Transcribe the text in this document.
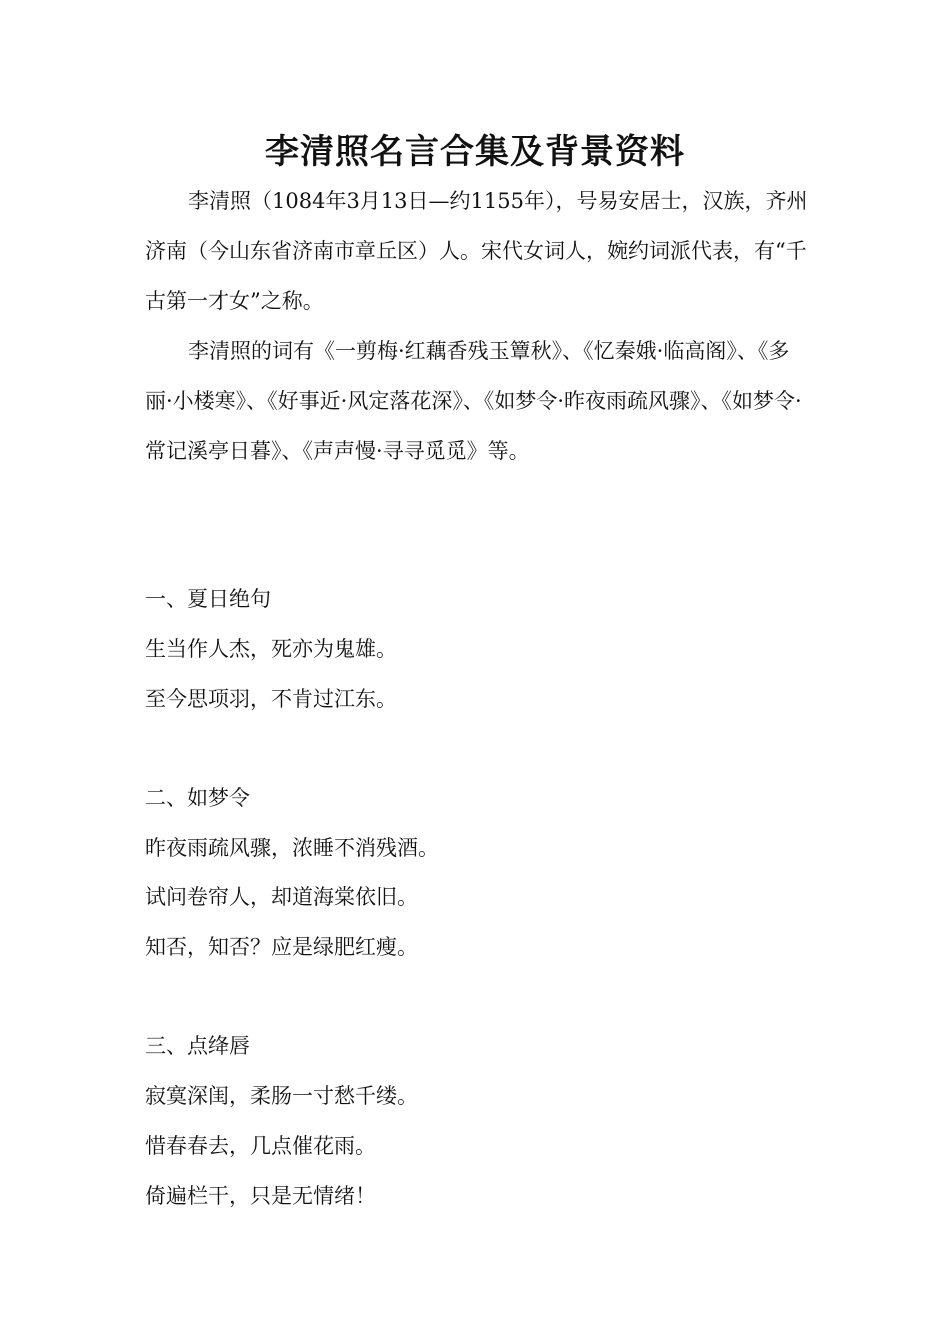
李清照名言合集及背景资料
李清照（1084年3月13日—约1155年），号易安居士，汉族，齐州济南（今山东省济南市章丘区）人。宋代女词人，婉约词派代表，有“千古第一才女”之称。
李清照的词有《一剪梅·红藕香残玉簟秋》、《忆秦娥·临高阁》、《多丽·小楼寒》、《好事近·风定落花深》、《如梦令·昨夜雨疏风骤》、《如梦令·常记溪亭日暮》、《声声慢·寻寻觅觅》等。
一、夏日绝句
生当作人杰，死亦为鬼雄。
至今思项羽，不肯过江东。
二、如梦令
昨夜雨疏风骤，浓睡不消残酒。
试问卷帘人，却道海棠依旧。
知否，知否？应是绿肥红瘦。
三、点绛唇
寂寞深闺，柔肠一寸愁千缕。
惜春春去，几点催花雨。
倚遍栏干，只是无情绪！
